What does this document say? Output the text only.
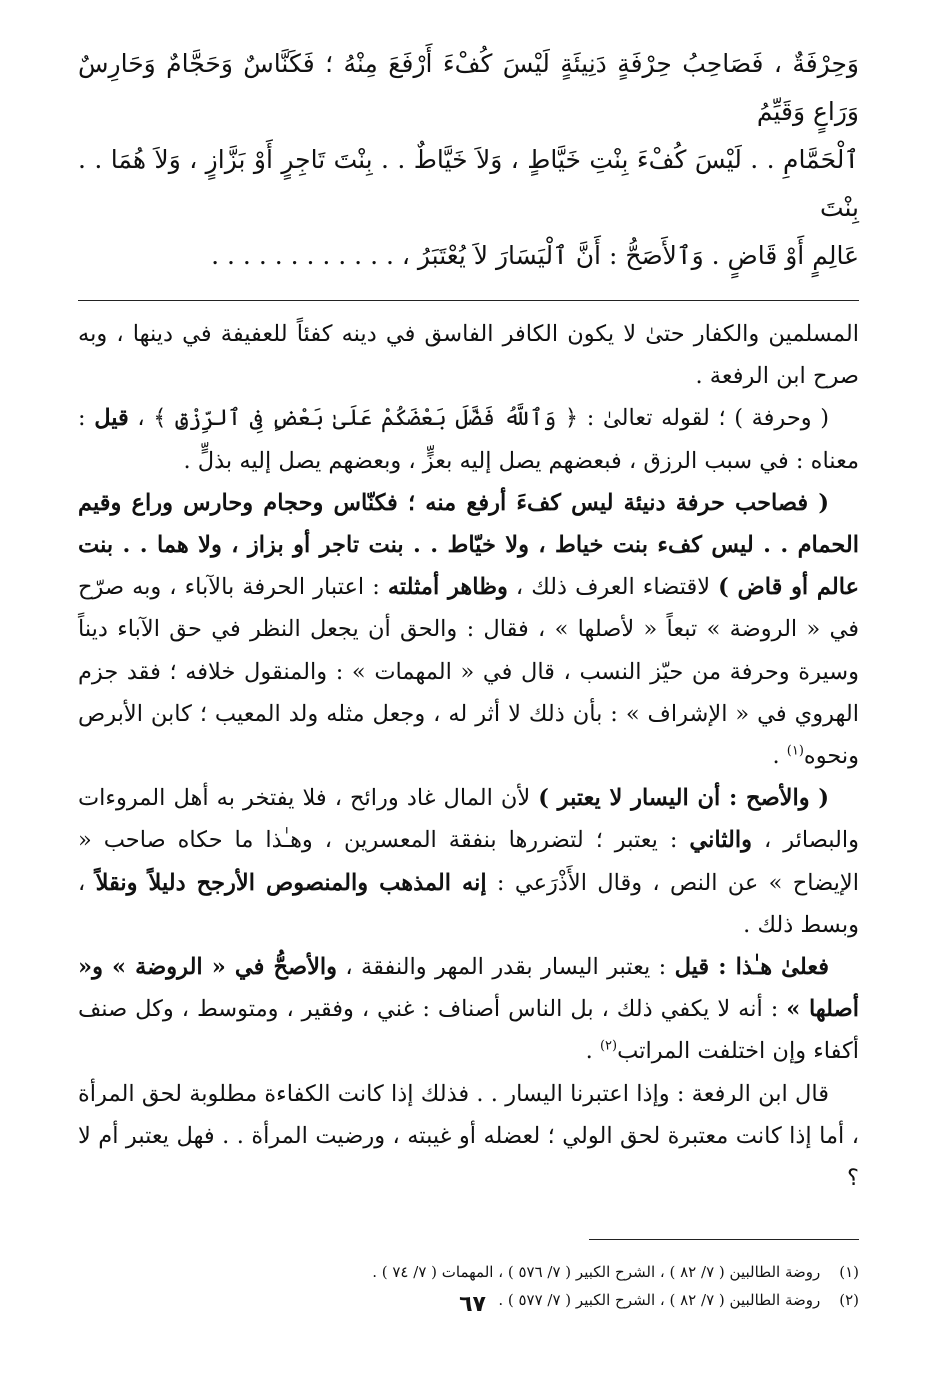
وَحِرْفَةٌ ، فَصَاحِبُ حِرْفَةٍ دَنِيئَةٍ لَيْسَ كُفْءَ أَرْفَعَ مِنْهُ ؛ فَكَنَّاسٌ وَحَجَّامٌ وَحَارِسٌ وَرَاعٍ وَقَيِّمُ
ٱلْحَمَّامِ . . لَيْسَ كُفْءَ بِنْتِ خَيَّاطٍ ، وَلاَ خَيَّاطٌ . . بِنْتَ تَاجِرٍ أَوْ بَزَّازٍ ، وَلاَ هُمَا . . بِنْتَ
عَالِمٍ أَوْ قَاضٍ . وَٱلأَصَحُّ : أَنَّ ٱلْيَسَارَ لاَ يُعْتَبَرُ ، . . . . . . . . . . . .

المسلمين والكفار حتىٰ لا يكون الكافر الفاسق في دينه كفئاً للعفيفة في دينها ، وبه صرح ابن الرفعة .

( وحرفة ) ؛ لقوله تعالىٰ : ﴿ وَٱللَّهُ فَضَّلَ بَعْضَكُمْ عَلَىٰ بَعْضٍ فِى ٱلرِّزْقِ ﴾ ، قيل : معناه : في سبب الرزق ، فبعضهم يصل إليه بعزٍّ ، وبعضهم يصل إليه بذلٍّ .

( فصاحب حرفة دنيئة ليس كفءَ أرفع منه ؛ فكنّاس وحجام وحارس وراع وقيم الحمام . . ليس كفء بنت خياط ، ولا خيّاط . . بنت تاجر أو بزاز ، ولا هما . . بنت عالم أو قاض ) لاقتضاء العرف ذلك ، وظاهر أمثلته : اعتبار الحرفة بالآباء ، وبه صرّح في « الروضة » تبعاً « لأصلها » ، فقال : والحق أن يجعل النظر في حق الآباء ديناً وسيرة وحرفة من حيّز النسب ، قال في « المهمات » : والمنقول خلافه ؛ فقد جزم الهروي في « الإشراف » : بأن ذلك لا أثر له ، وجعل مثله ولد المعيب ؛ كابن الأبرص ونحوه$^{(١)}$ .

( والأصح : أن اليسار لا يعتبر ) لأن المال غاد ورائح ، فلا يفتخر به أهل المروءات والبصائر ، والثاني : يعتبر ؛ لتضررها بنفقة المعسرين ، وهـٰذا ما حكاه صاحب « الإيضاح » عن النص ، وقال الأَذْرَعي : إنه المذهب والمنصوص الأرجح دليلاً ونقلاً ، وبسط ذلك .

فعلىٰ هـٰذا : قيل : يعتبر اليسار بقدر المهر والنفقة ، والأصحُّ في « الروضة » و« أصلها » : أنه لا يكفي ذلك ، بل الناس أصناف : غني ، وفقير ، ومتوسط ، وكل صنف أكفاء وإن اختلفت المراتب$^{(٢)}$ .

قال ابن الرفعة : وإذا اعتبرنا اليسار . . فذلك إذا كانت الكفاءة مطلوبة لحق المرأة ، أما إذا كانت معتبرة لحق الولي ؛ لعضله أو غيبته ، ورضيت المرأة . . فهل يعتبر أم لا ؟

(١) روضة الطالبين ( ٧/ ٨٢ ) ، الشرح الكبير ( ٧/ ٥٧٦ ) ، المهمات ( ٧/ ٧٤ ) .
(٢) روضة الطالبين ( ٧/ ٨٢ ) ، الشرح الكبير ( ٧/ ٥٧٧ ) .
٦٧
